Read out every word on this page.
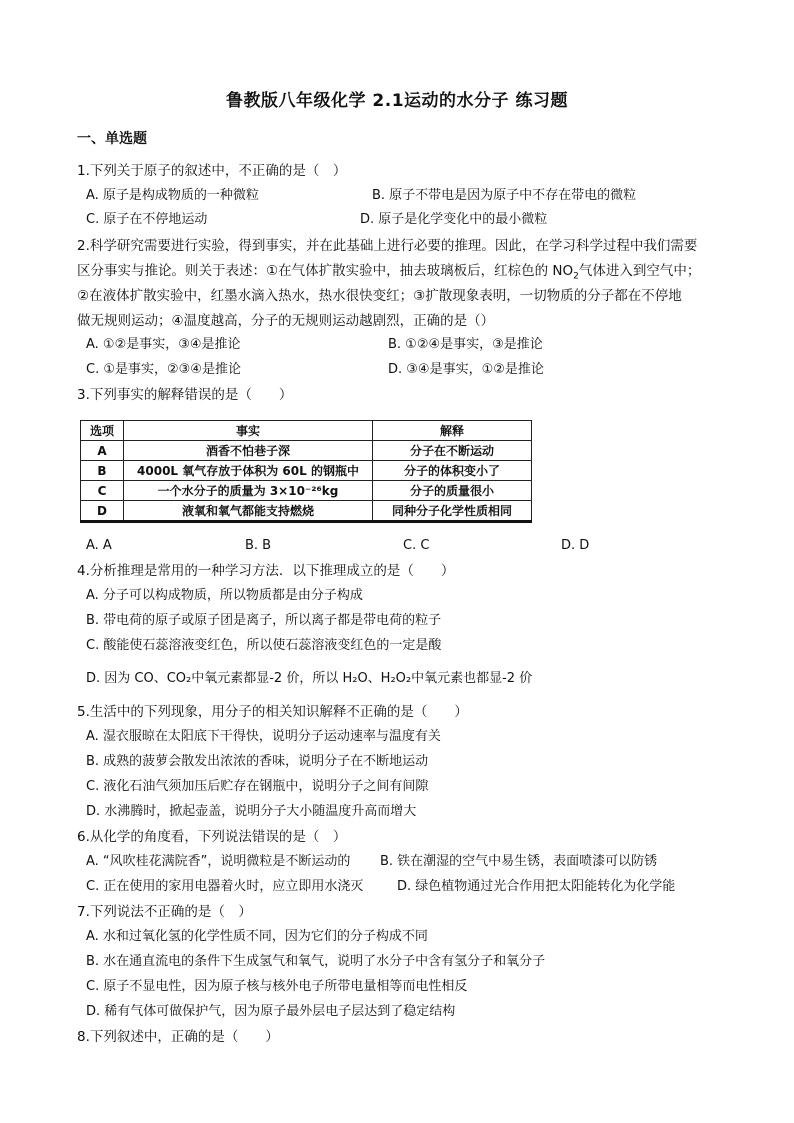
鲁教版八年级化学 2.1运动的水分子 练习题
一、单选题
1.下列关于原子的叙述中，不正确的是（　）
A. 原子是构成物质的一种微粒	B. 原子不带电是因为原子中不存在带电的微粒
C. 原子在不停地运动	D. 原子是化学变化中的最小微粒
2.科学研究需要进行实验，得到事实，并在此基础上进行必要的推理。因此，在学习科学过程中我们需要
区分事实与推论。则关于表述：①在气体扩散实验中，抽去玻璃板后，红棕色的 $NO_2$气体进入到空气中；
②在液体扩散实验中，红墨水滴入热水，热水很快变红；③扩散现象表明，一切物质的分子都在不停地
做无规则运动；④温度越高，分子的无规则运动越剧烈，正确的是（）
A. ①②是事实，③④是推论	B. ①②④是事实，③是推论
C. ①是事实，②③④是推论	D. ③④是事实，①②是推论
3.下列事实的解释错误的是（　　）
选项	事实	解释
A	酒香不怕巷子深	分子在不断运动
B	4000L 氧气存放于体积为 60L 的钢瓶中	分子的体积变小了
C	一个水分子的质量为 3×10⁻²⁶kg	分子的质量很小
D	液氧和氧气都能支持燃烧	同种分子化学性质相同
A. A	B. B	C. C	D. D
4.分析推理是常用的一种学习方法．以下推理成立的是（　　）
A. 分子可以构成物质，所以物质都是由分子构成
B. 带电荷的原子或原子团是离子，所以离子都是带电荷的粒子
C. 酸能使石蕊溶液变红色，所以使石蕊溶液变红色的一定是酸
D. 因为 CO、CO₂中氧元素都显-2 价，所以 H₂O、H₂O₂中氧元素也都显-2 价
5.生活中的下列现象，用分子的相关知识解释不正确的是（　　）
A. 湿衣服晾在太阳底下干得快，说明分子运动速率与温度有关
B. 成熟的菠萝会散发出浓浓的香味，说明分子在不断地运动
C. 液化石油气须加压后贮存在钢瓶中，说明分子之间有间隙
D. 水沸腾时，掀起壶盖，说明分子大小随温度升高而增大
6.从化学的角度看，下列说法错误的是（　）
A. “风吹桂花满院香”，说明微粒是不断运动的 B. 铁在潮湿的空气中易生锈，表面喷漆可以防锈
C. 正在使用的家用电器着火时，应立即用水浇灭	D. 绿色植物通过光合作用把太阳能转化为化学能
7.下列说法不正确的是（　）
A. 水和过氧化氢的化学性质不同，因为它们的分子构成不同
B. 水在通直流电的条件下生成氢气和氧气，说明了水分子中含有氢分子和氧分子
C. 原子不显电性，因为原子核与核外电子所带电量相等而电性相反
D. 稀有气体可做保护气，因为原子最外层电子层达到了稳定结构
8.下列叙述中，正确的是（　　）
